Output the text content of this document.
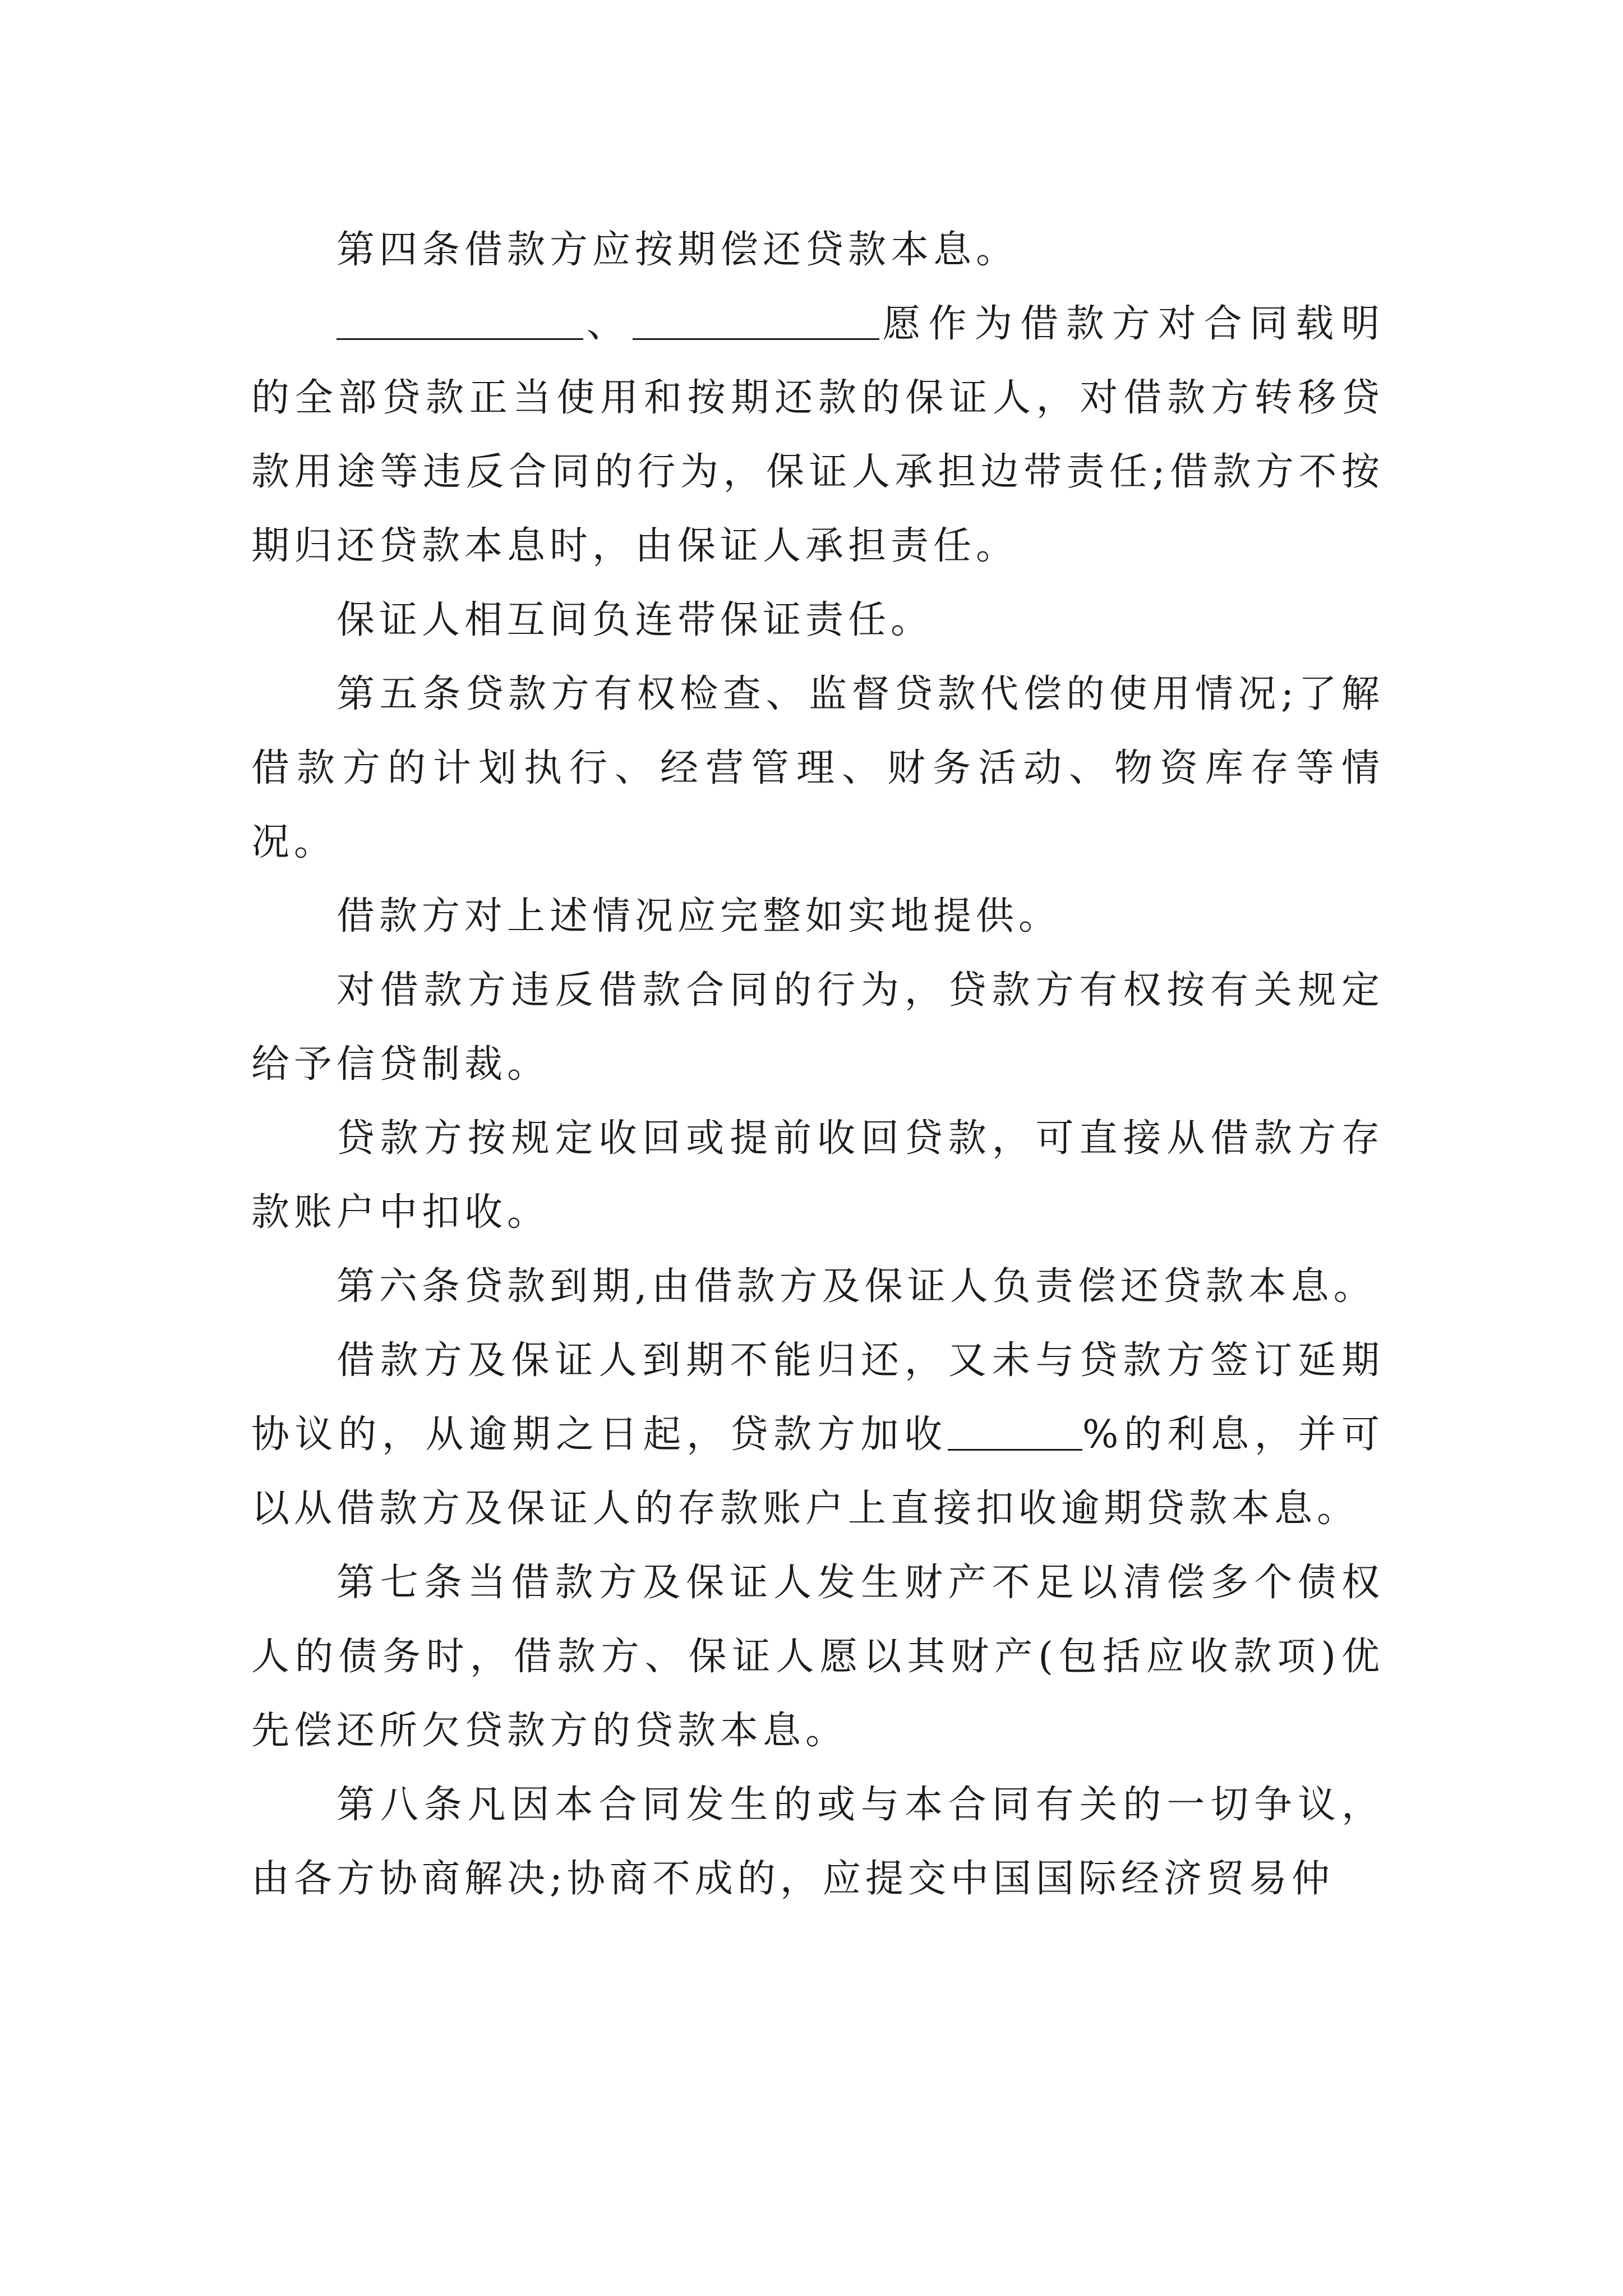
第四条借款方应按期偿还贷款本息。

、	愿作为借款方对合同载明的全部贷款正当使用和按期还款的保证人，对借款方转移贷款用途等违反合同的行为，保证人承担边带责任;借款方不按期归还贷款本息时，由保证人承担责任。

保证人相互间负连带保证责任。

第五条贷款方有权检查、监督贷款代偿的使用情况;了解借款方的计划执行、经营管理、财务活动、物资库存等情况。

借款方对上述情况应完整如实地提供。

对借款方违反借款合同的行为，贷款方有权按有关规定给予信贷制裁。

贷款方按规定收回或提前收回贷款，可直接从借款方存款账户中扣收。

第六条贷款到期,由借款方及保证人负责偿还贷款本息。

借款方及保证人到期不能归还，又未与贷款方签订延期协议的，从逾期之日起，贷款方加收	%的利息，并可以从借款方及保证人的存款账户上直接扣收逾期贷款本息。

第七条当借款方及保证人发生财产不足以清偿多个债权人的债务时，借款方、保证人愿以其财产(包括应收款项)优先偿还所欠贷款方的贷款本息。

第八条凡因本合同发生的或与本合同有关的一切争议，由各方协商解决;协商不成的，应提交中国国际经济贸易仲
